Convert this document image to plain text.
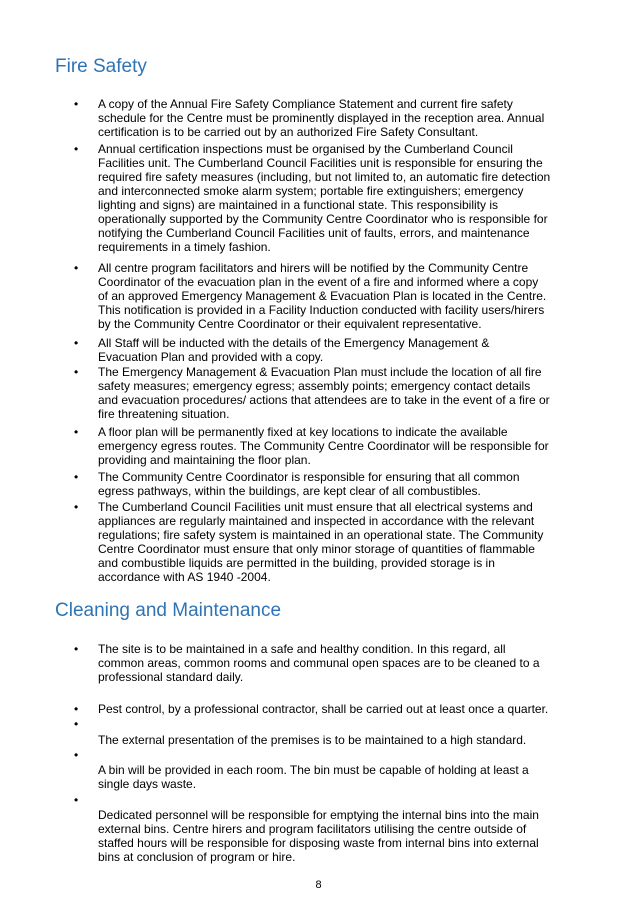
Fire Safety
• A copy of the Annual Fire Safety Compliance Statement and current fire safety
schedule for the Centre must be prominently displayed in the reception area. Annual
certification is to be carried out by an authorized Fire Safety Consultant.

• Annual certification inspections must be organised by the Cumberland Council
Facilities unit. The Cumberland Council Facilities unit is responsible for ensuring the
required fire safety measures (including, but not limited to, an automatic fire detection
and interconnected smoke alarm system; portable fire extinguishers; emergency
lighting and signs) are maintained in a functional state. This responsibility is
operationally supported by the Community Centre Coordinator who is responsible for
notifying the Cumberland Council Facilities unit of faults, errors, and maintenance
requirements in a timely fashion.

• All centre program facilitators and hirers will be notified by the Community Centre
Coordinator of the evacuation plan in the event of a fire and informed where a copy
of an approved Emergency Management & Evacuation Plan is located in the Centre.
This notification is provided in a Facility Induction conducted with facility users/hirers
by the Community Centre Coordinator or their equivalent representative.

• All Staff will be inducted with the details of the Emergency Management &
Evacuation Plan and provided with a copy.

• The Emergency Management & Evacuation Plan must include the location of all fire
safety measures; emergency egress; assembly points; emergency contact details
and evacuation procedures/ actions that attendees are to take in the event of a fire or
fire threatening situation.

• A floor plan will be permanently fixed at key locations to indicate the available
emergency egress routes. The Community Centre Coordinator will be responsible for
providing and maintaining the floor plan.

• The Community Centre Coordinator is responsible for ensuring that all common
egress pathways, within the buildings, are kept clear of all combustibles.

• The Cumberland Council Facilities unit must ensure that all electrical systems and
appliances are regularly maintained and inspected in accordance with the relevant
regulations; fire safety system is maintained in an operational state. The Community
Centre Coordinator must ensure that only minor storage of quantities of flammable
and combustible liquids are permitted in the building, provided storage is in
accordance with AS 1940 -2004.

Cleaning and Maintenance
• The site is to be maintained in a safe and healthy condition. In this regard, all
common areas, common rooms and communal open spaces are to be cleaned to a
professional standard daily.

• Pest control, by a professional contractor, shall be carried out at least once a quarter.

•

The external presentation of the premises is to be maintained to a high standard.

•

A bin will be provided in each room. The bin must be capable of holding at least a
single days waste.

•

Dedicated personnel will be responsible for emptying the internal bins into the main
external bins. Centre hirers and program facilitators utilising the centre outside of
staffed hours will be responsible for disposing waste from internal bins into external
bins at conclusion of program or hire.

8
